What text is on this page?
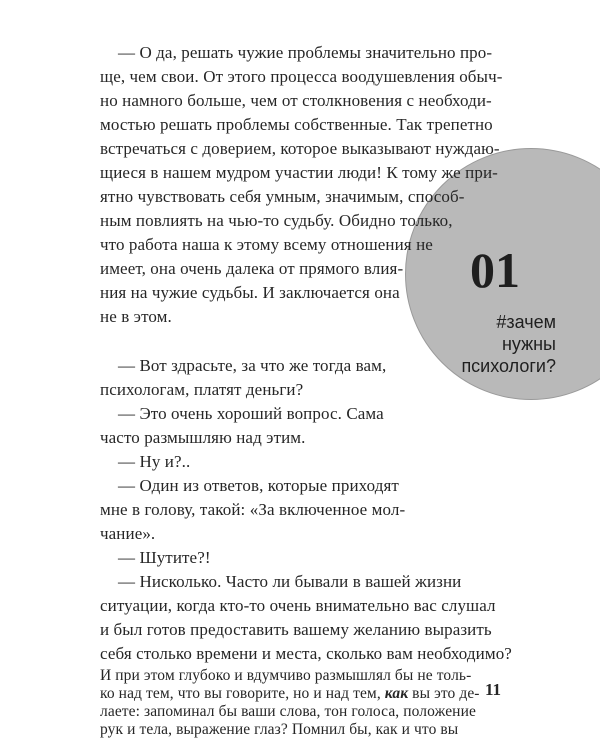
01
#зачем
нужны
психологи?
— О да, решать чужие проблемы значительно про-
ще, чем свои. От этого процесса воодушевления обыч-
но намного больше, чем от столкновения с необходи-
мостью решать проблемы собственные. Так трепетно
встречаться с доверием, которое выказывают нуждаю-
щиеся в нашем мудром участии люди! К тому же при-
ятно чувствовать себя умным, значимым, способ-
ным повлиять на чью-то судьбу. Обидно только,
что работа наша к этому всему отношения не
имеет, она очень далека от прямого влия-
ния на чужие судьбы. И заключается она
не в этом.
— Вот здрасьте, за что же тогда вам,
психологам, платят деньги?
— Это очень хороший вопрос. Сама
часто размышляю над этим.
— Ну и?..
— Один из ответов, которые приходят
мне в голову, такой: «За включенное мол-
чание».
— Шутите?!
— Нисколько. Часто ли бывали в вашей жизни
ситуации, когда кто-то очень внимательно вас слушал
и был готов предоставить вашему желанию выразить
себя столько времени и места, сколько вам необходимо?
И при этом глубоко и вдумчиво размышлял бы не толь-
ко над тем, что вы говорите, но и над тем, как вы это де-
лаете: запоминал бы ваши слова, тон голоса, положение
рук и тела, выражение глаз? Помнил бы, как и что вы
11
